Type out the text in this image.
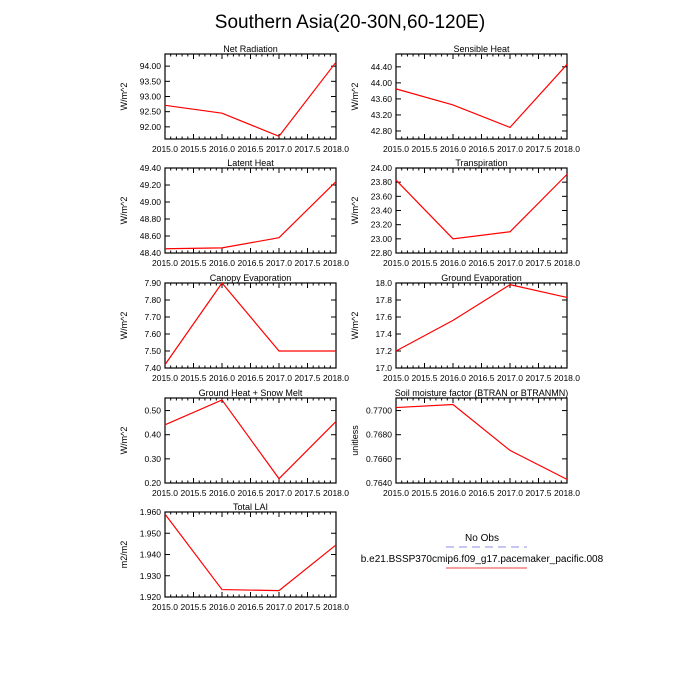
Southern Asia(20-30N,60-120E)
Net Radiation
W/m^2
2015.0 2015.5 2016.0 2016.5 2017.0 2017.5 2018.0
92.00
92.50
93.00
93.50
94.00
Sensible Heat
W/m^2
2015.0 2015.5 2016.0 2016.5 2017.0 2017.5 2018.0
42.80
43.20
43.60
44.00
44.40
Latent Heat
W/m^2
2015.0 2015.5 2016.0 2016.5 2017.0 2017.5 2018.0
48.40
48.60
48.80
49.00
49.20
49.40	Transpiration
W/m^2
2015.0 2015.5 2016.0 2016.5 2017.0 2017.5 2018.0
22.80
23.00
23.20
23.40
23.60
23.80
24.00
Canopy Evaporation
W/m^2
2015.0 2015.5 2016.0 2016.5 2017.0 2017.5 2018.0
7.40
7.50
7.60
7.70
7.80
7.90	Ground Evaporation
W/m^2
2015.0 2015.5 2016.0 2016.5 2017.0 2017.5 2018.0
17.0
17.2
17.4
17.6
17.8
18.0
Ground Heat + Snow Melt
W/m^2
2015.0 2015.5 2016.0 2016.5 2017.0 2017.5 2018.0
0.20
0.30
0.40
0.50
Soil moisture factor (BTRAN or BTRANMN)
unitless
2015.0 2015.5 2016.0 2016.5 2017.0 2017.5 2018.0
0.7640
0.7660
0.7680
0.7700
Total LAI
m2/m2
2015.0 2015.5 2016.0 2016.5 2017.0 2017.5 2018.0
1.920
1.930
1.940
1.950
1.960
No Obs
b.e21.BSSP370cmip6.f09_g17.pacemaker_pacific.008
